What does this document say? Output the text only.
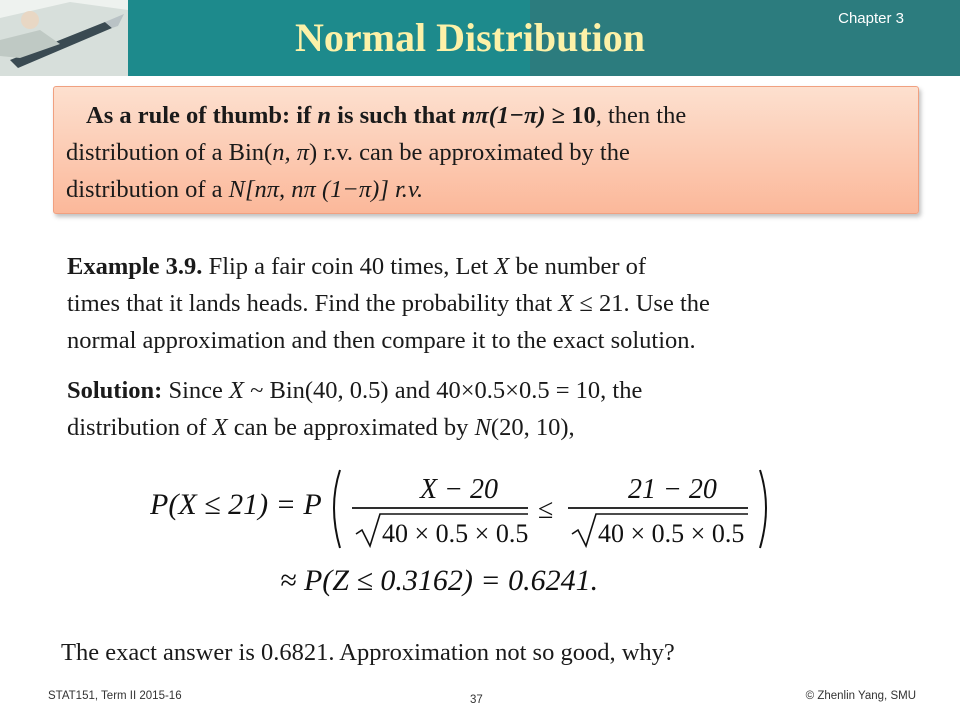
Normal Distribution	Chapter 3
As a rule of thumb: if n is such that nπ(1−π) ≥ 10, then the
distribution of a Bin(n, π) r.v. can be approximated by the
distribution of a N[nπ, nπ (1−π)] r.v.
Example 3.9. Flip a fair coin 40 times, Let X be number of
times that it lands heads. Find the probability that X ≤ 21. Use the
normal approximation and then compare it to the exact solution.
Solution: Since X ~ Bin(40, 0.5) and 40×0.5×0.5 = 10, the
distribution of X can be approximated by N(20, 10),
P(X ≤ 21) = P	X − 20
40 × 0.5 × 0.5
≤
21 − 20
40 × 0.5 × 0.5
≈ P(Z ≤ 0.3162) = 0.6241.
The exact answer is 0.6821. Approximation not so good, why?
STAT151, Term II 2015-16	37	© Zhenlin Yang, SMU
